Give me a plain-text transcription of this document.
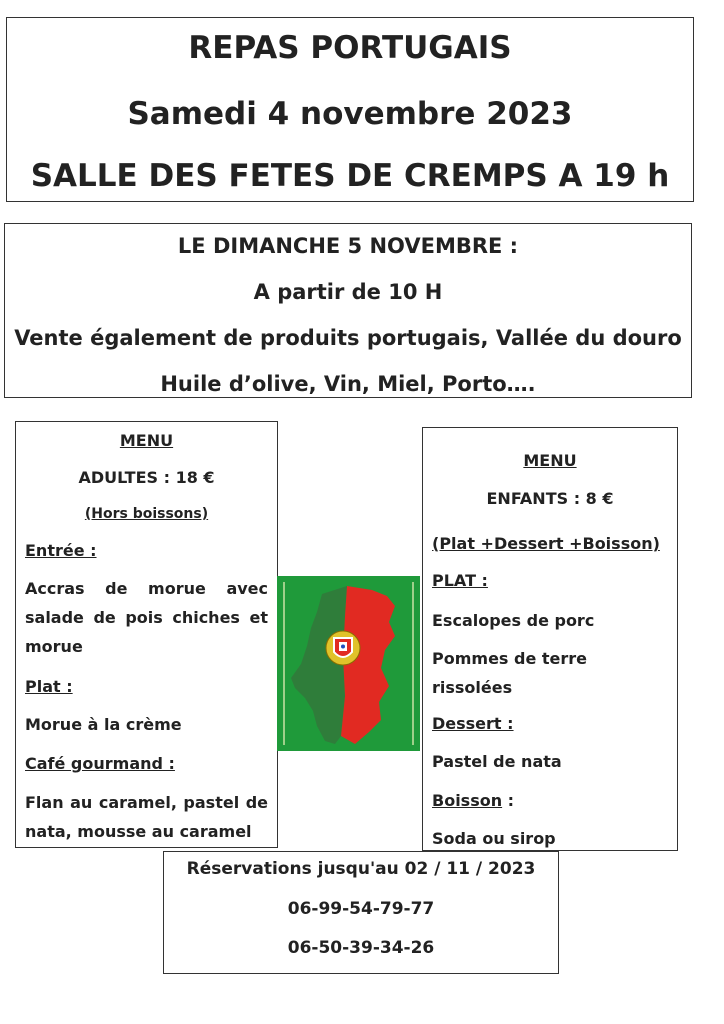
REPAS PORTUGAIS
Samedi 4 novembre 2023
SALLE DES FETES DE CREMPS A 19 h
LE DIMANCHE 5 NOVEMBRE :
A partir de 10 H
Vente également de produits portugais, Vallée du douro
Huile d’olive, Vin, Miel, Porto….
MENU
ADULTES : 18 €
(Hors boissons)
Entrée :
Accras de morue avec salade de pois chiches et morue
Plat :
Morue à la crème
Café gourmand :
Flan au caramel, pastel de nata, mousse au caramel
MENU
ENFANTS : 8 €
(Plat +Dessert +Boisson)
PLAT :
Escalopes de porc
Pommes de terre rissolées
Dessert :
Pastel de nata
Boisson :
Soda ou sirop
Réservations jusqu'au 02 / 11 / 2023
06-99-54-79-77
06-50-39-34-26
